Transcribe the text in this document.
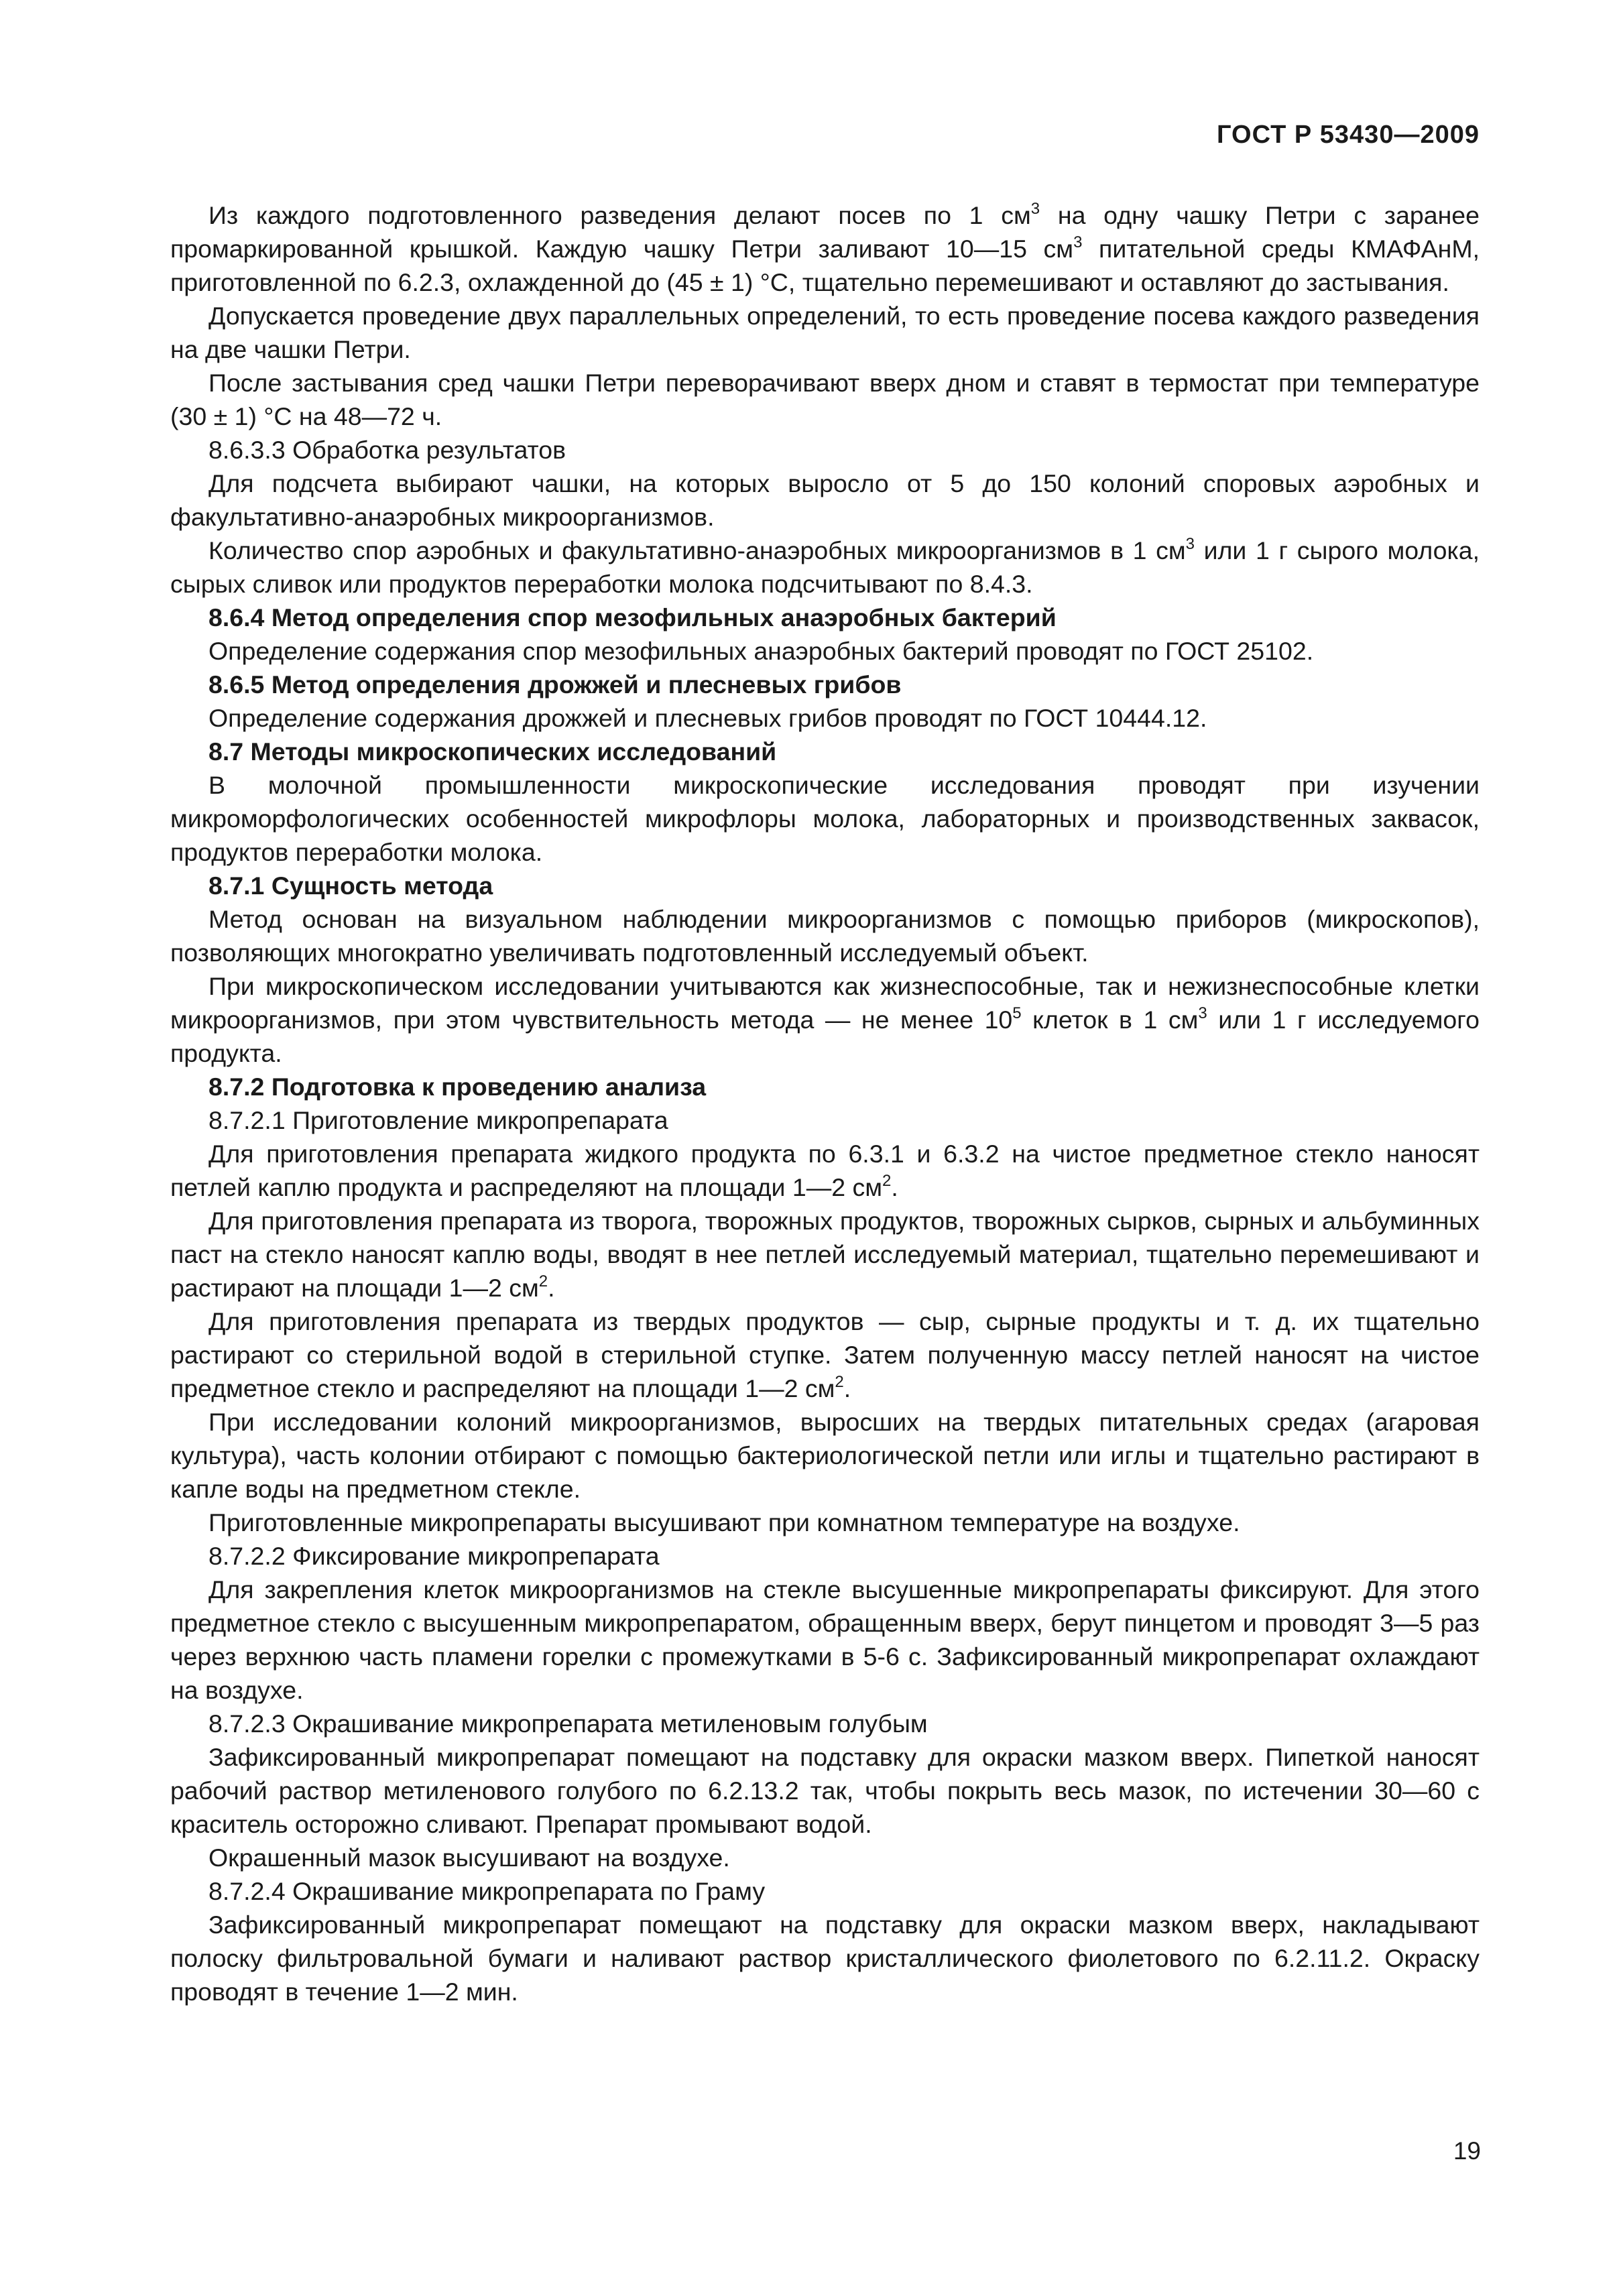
ГОСТ Р 53430—2009

Из каждого подготовленного разведения делают посев по 1 $см^3$ на одну чашку Петри с заранее промаркированной крышкой. Каждую чашку Петри заливают 10—15 $см^3$ питательной среды КМАФАнМ, приготовленной по 6.2.3, охлажденной до (45 ± 1) °С, тщательно перемешивают и оставляют до застывания.

Допускается проведение двух параллельных определений, то есть проведение посева каждого разведения на две чашки Петри.

После застывания сред чашки Петри переворачивают вверх дном и ставят в термостат при температуре (30 ± 1) °С на 48—72 ч.

8.6.3.3 Обработка результатов

Для подсчета выбирают чашки, на которых выросло от 5 до 150 колоний споровых аэробных и факультативно-анаэробных микроорганизмов.

Количество спор аэробных и факультативно-анаэробных микроорганизмов в 1 $см^3$ или 1 г сырого молока, сырых сливок или продуктов переработки молока подсчитывают по 8.4.3.

8.6.4 Метод определения спор мезофильных анаэробных бактерий

Определение содержания спор мезофильных анаэробных бактерий проводят по ГОСТ 25102.

8.6.5 Метод определения дрожжей и плесневых грибов

Определение содержания дрожжей и плесневых грибов проводят по ГОСТ 10444.12.

8.7 Методы микроскопических исследований

В молочной промышленности микроскопические исследования проводят при изучении микроморфологических особенностей микрофлоры молока, лабораторных и производственных заквасок, продуктов переработки молока.

8.7.1 Сущность метода

Метод основан на визуальном наблюдении микроорганизмов с помощью приборов (микроскопов), позволяющих многократно увеличивать подготовленный исследуемый объект.

При микроскопическом исследовании учитываются как жизнеспособные, так и нежизнеспособные клетки микроорганизмов, при этом чувствительность метода — не менее $10^5$ клеток в 1 $см^3$ или 1 г исследуемого продукта.

8.7.2 Подготовка к проведению анализа

8.7.2.1 Приготовление микропрепарата

Для приготовления препарата жидкого продукта по 6.3.1 и 6.3.2 на чистое предметное стекло наносят петлей каплю продукта и распределяют на площади 1—2 $см^2$.

Для приготовления препарата из творога, творожных продуктов, творожных сырков, сырных и альбуминных паст на стекло наносят каплю воды, вводят в нее петлей исследуемый материал, тщательно перемешивают и растирают на площади 1—2 $см^2$.

Для приготовления препарата из твердых продуктов — сыр, сырные продукты и т. д. их тщательно растирают со стерильной водой в стерильной ступке. Затем полученную массу петлей наносят на чистое предметное стекло и распределяют на площади 1—2 $см^2$.

При исследовании колоний микроорганизмов, выросших на твердых питательных средах (агаровая культура), часть колонии отбирают с помощью бактериологической петли или иглы и тщательно растирают в капле воды на предметном стекле.

Приготовленные микропрепараты высушивают при комнатном температуре на воздухе.

8.7.2.2 Фиксирование микропрепарата

Для закрепления клеток микроорганизмов на стекле высушенные микропрепараты фиксируют. Для этого предметное стекло с высушенным микропрепаратом, обращенным вверх, берут пинцетом и проводят 3—5 раз через верхнюю часть пламени горелки с промежутками в 5-6 с. Зафиксированный микропрепарат охлаждают на воздухе.

8.7.2.3 Окрашивание микропрепарата метиленовым голубым

Зафиксированный микропрепарат помещают на подставку для окраски мазком вверх. Пипеткой наносят рабочий раствор метиленового голубого по 6.2.13.2 так, чтобы покрыть весь мазок, по истечении 30—60 с краситель осторожно сливают. Препарат промывают водой.

Окрашенный мазок высушивают на воздухе.

8.7.2.4 Окрашивание микропрепарата по Граму

Зафиксированный микропрепарат помещают на подставку для окраски мазком вверх, накладывают полоску фильтровальной бумаги и наливают раствор кристаллического фиолетового по 6.2.11.2. Окраску проводят в течение 1—2 мин.

19
